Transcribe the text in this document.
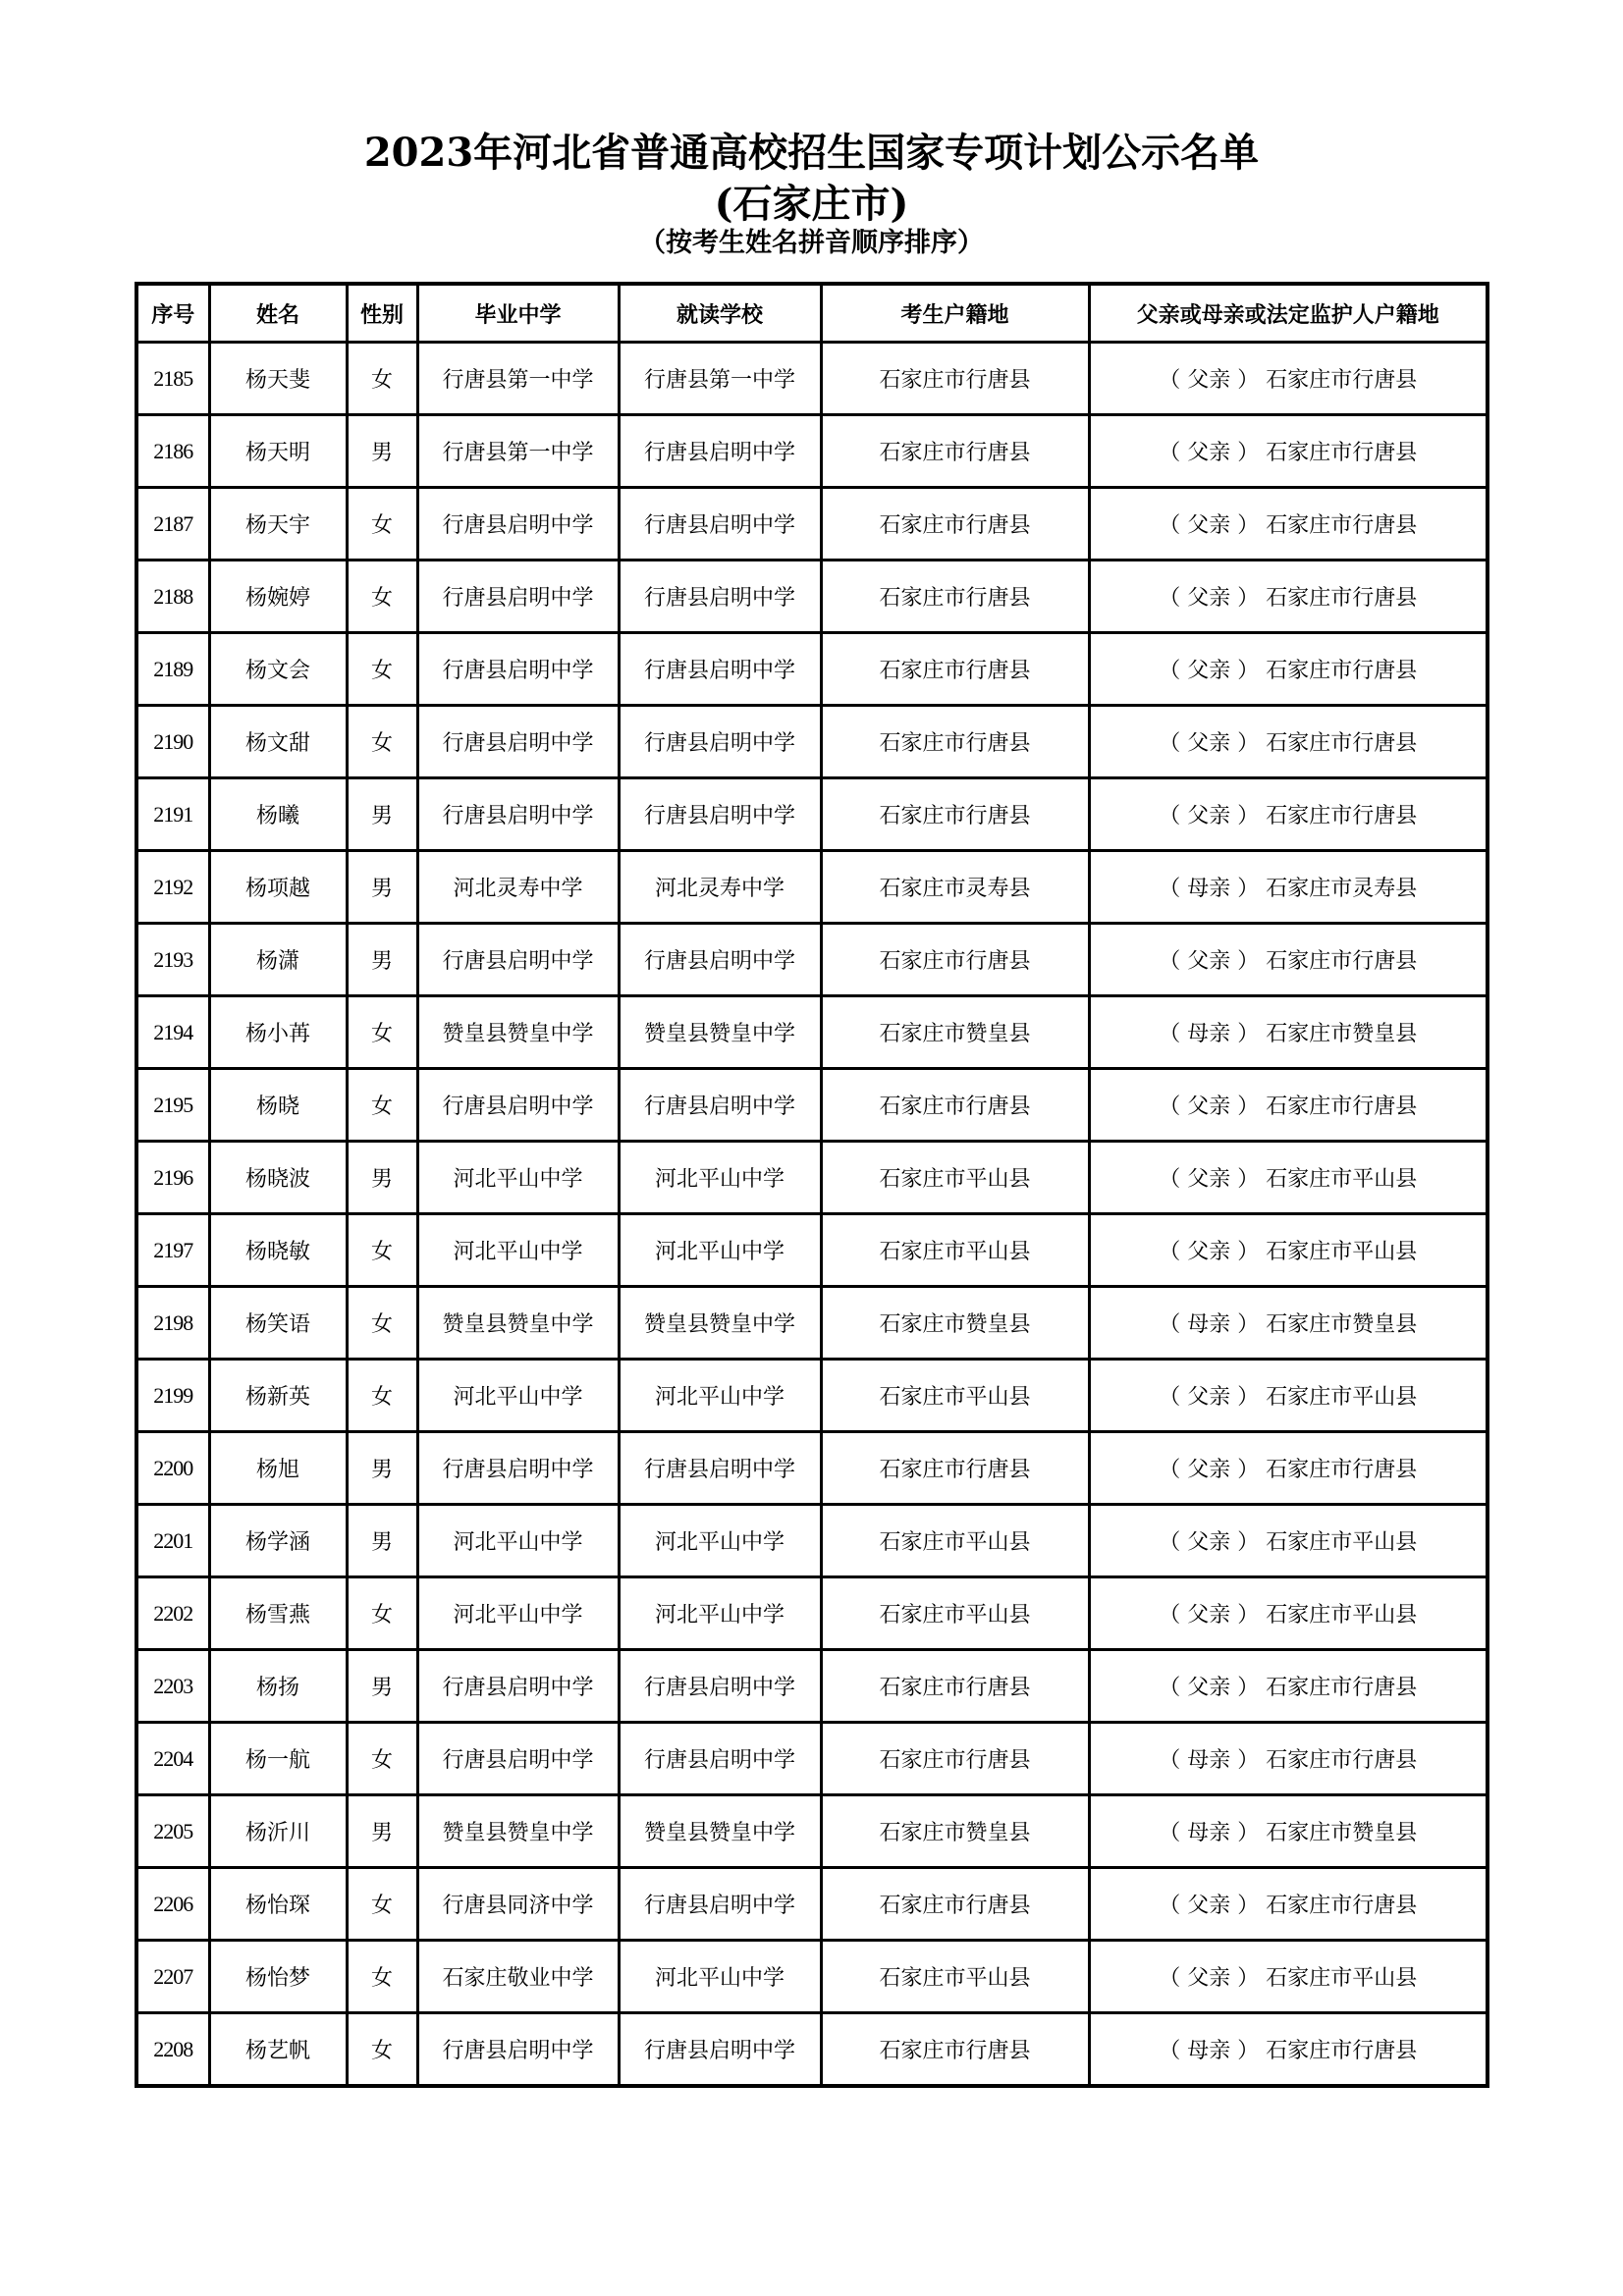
2023年河北省普通高校招生国家专项计划公示名单
(石家庄市)
（按考生姓名拼音顺序排序）
序号	姓名	性别	毕业中学	就读学校	考生户籍地	父亲或母亲或法定监护人户籍地
2185	杨天斐	女	行唐县第一中学	行唐县第一中学	石家庄市行唐县	（ 父亲 ） 石家庄市行唐县
2186	杨天明	男	行唐县第一中学	行唐县启明中学	石家庄市行唐县	（ 父亲 ） 石家庄市行唐县
2187	杨天宇	女	行唐县启明中学	行唐县启明中学	石家庄市行唐县	（ 父亲 ） 石家庄市行唐县
2188	杨婉婷	女	行唐县启明中学	行唐县启明中学	石家庄市行唐县	（ 父亲 ） 石家庄市行唐县
2189	杨文会	女	行唐县启明中学	行唐县启明中学	石家庄市行唐县	（ 父亲 ） 石家庄市行唐县
2190	杨文甜	女	行唐县启明中学	行唐县启明中学	石家庄市行唐县	（ 父亲 ） 石家庄市行唐县
2191	杨曦	男	行唐县启明中学	行唐县启明中学	石家庄市行唐县	（ 父亲 ） 石家庄市行唐县
2192	杨项越	男	河北灵寿中学	河北灵寿中学	石家庄市灵寿县	（ 母亲 ） 石家庄市灵寿县
2193	杨潇	男	行唐县启明中学	行唐县启明中学	石家庄市行唐县	（ 父亲 ） 石家庄市行唐县
2194	杨小苒	女	赞皇县赞皇中学	赞皇县赞皇中学	石家庄市赞皇县	（ 母亲 ） 石家庄市赞皇县
2195	杨晓	女	行唐县启明中学	行唐县启明中学	石家庄市行唐县	（ 父亲 ） 石家庄市行唐县
2196	杨晓波	男	河北平山中学	河北平山中学	石家庄市平山县	（ 父亲 ） 石家庄市平山县
2197	杨晓敏	女	河北平山中学	河北平山中学	石家庄市平山县	（ 父亲 ） 石家庄市平山县
2198	杨笑语	女	赞皇县赞皇中学	赞皇县赞皇中学	石家庄市赞皇县	（ 母亲 ） 石家庄市赞皇县
2199	杨新英	女	河北平山中学	河北平山中学	石家庄市平山县	（ 父亲 ） 石家庄市平山县
2200	杨旭	男	行唐县启明中学	行唐县启明中学	石家庄市行唐县	（ 父亲 ） 石家庄市行唐县
2201	杨学涵	男	河北平山中学	河北平山中学	石家庄市平山县	（ 父亲 ） 石家庄市平山县
2202	杨雪燕	女	河北平山中学	河北平山中学	石家庄市平山县	（ 父亲 ） 石家庄市平山县
2203	杨扬	男	行唐县启明中学	行唐县启明中学	石家庄市行唐县	（ 父亲 ） 石家庄市行唐县
2204	杨一航	女	行唐县启明中学	行唐县启明中学	石家庄市行唐县	（ 母亲 ） 石家庄市行唐县
2205	杨沂川	男	赞皇县赞皇中学	赞皇县赞皇中学	石家庄市赞皇县	（ 母亲 ） 石家庄市赞皇县
2206	杨怡琛	女	行唐县同济中学	行唐县启明中学	石家庄市行唐县	（ 父亲 ） 石家庄市行唐县
2207	杨怡梦	女	石家庄敬业中学	河北平山中学	石家庄市平山县	（ 父亲 ） 石家庄市平山县
2208	杨艺帆	女	行唐县启明中学	行唐县启明中学	石家庄市行唐县	（ 母亲 ） 石家庄市行唐县
